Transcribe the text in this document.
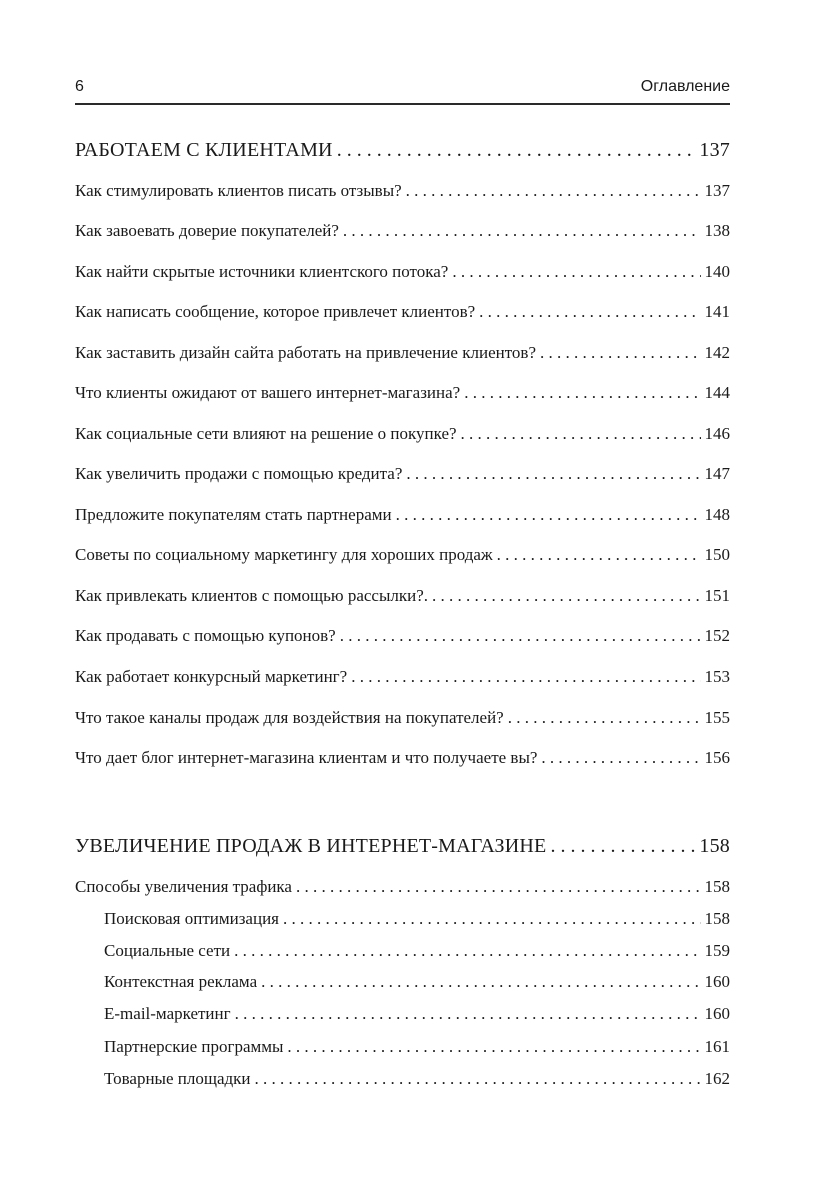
6	Оглавление
РАБОТАЕМ С КЛИЕНТАМИ . . .	137
Как стимулировать клиентов писать отзывы? . . .	137
Как завоевать доверие покупателей? . . .	138
Как найти скрытые источники клиентского потока? . . .	140
Как написать сообщение, которое привлечет клиентов? . . .	141
Как заставить дизайн сайта работать на привлечение клиентов? . . .	142
Что клиенты ожидают от вашего интернет-магазина? . . .	144
Как социальные сети влияют на решение о покупке? . . .	146
Как увеличить продажи с помощью кредита? . . .	147
Предложите покупателям стать партнерами . . .	148
Советы по социальному маркетингу для хороших продаж . . .	150
Как привлекать клиентов с помощью рассылки?. . . .	151
Как продавать с помощью купонов? . . .	152
Как работает конкурсный маркетинг? . . .	153
Что такое каналы продаж для воздействия на покупателей? . . .	155
Что дает блог интернет-магазина клиентам и что получаете вы? . . .	156
УВЕЛИЧЕНИЕ ПРОДАЖ В ИНТЕРНЕТ-МАГАЗИНЕ . . .	158
Способы увеличения трафика . . .	158
Поисковая оптимизация . . .	158
Социальные сети . . .	159
Контекстная реклама . . .	160
E-mail-маркетинг . . .	160
Партнерские программы . . .	161
Товарные площадки . . .	162
